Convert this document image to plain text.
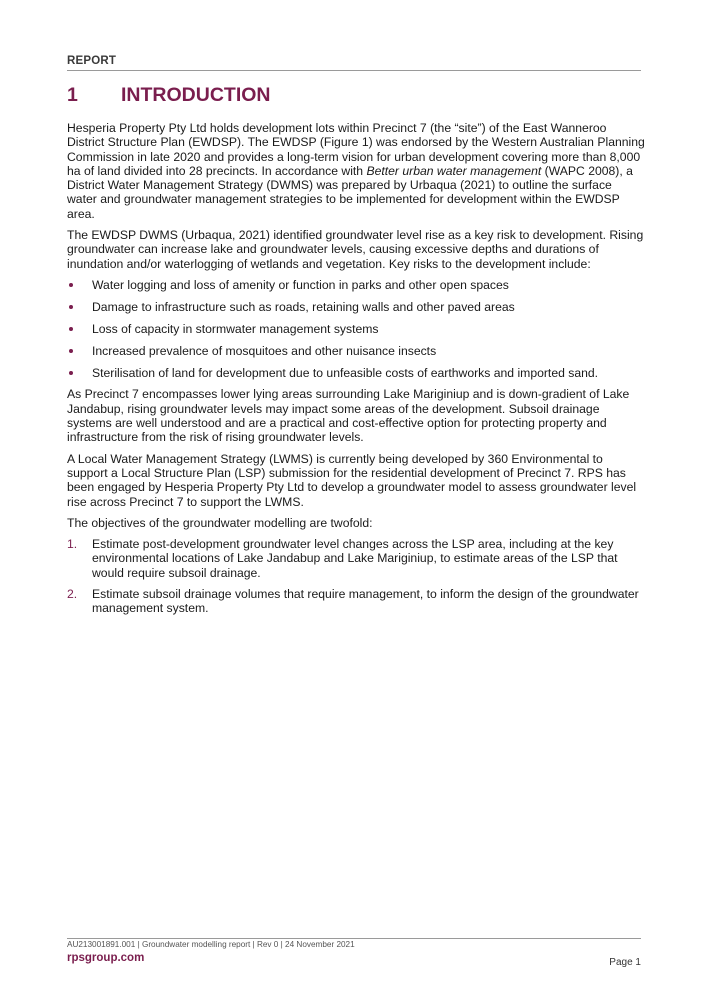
REPORT
1	INTRODUCTION

Hesperia Property Pty Ltd holds development lots within Precinct 7 (the “site”) of the East Wanneroo District Structure Plan (EWDSP). The EWDSP (Figure 1) was endorsed by the Western Australian Planning Commission in late 2020 and provides a long-term vision for urban development covering more than 8,000 ha of land divided into 28 precincts. In accordance with Better urban water management (WAPC 2008), a District Water Management Strategy (DWMS) was prepared by Urbaqua (2021) to outline the surface water and groundwater management strategies to be implemented for development within the EWDSP area.

The EWDSP DWMS (Urbaqua, 2021) identified groundwater level rise as a key risk to development. Rising groundwater can increase lake and groundwater levels, causing excessive depths and durations of inundation and/or waterlogging of wetlands and vegetation. Key risks to the development include:

Water logging and loss of amenity or function in parks and other open spaces
Damage to infrastructure such as roads, retaining walls and other paved areas
Loss of capacity in stormwater management systems
Increased prevalence of mosquitoes and other nuisance insects
Sterilisation of land for development due to unfeasible costs of earthworks and imported sand.

As Precinct 7 encompasses lower lying areas surrounding Lake Mariginiup and is down-gradient of Lake Jandabup, rising groundwater levels may impact some areas of the development. Subsoil drainage systems are well understood and are a practical and cost-effective option for protecting property and infrastructure from the risk of rising groundwater levels.

A Local Water Management Strategy (LWMS) is currently being developed by 360 Environmental to support a Local Structure Plan (LSP) submission for the residential development of Precinct 7. RPS has been engaged by Hesperia Property Pty Ltd to develop a groundwater model to assess groundwater level rise across Precinct 7 to support the LWMS.

The objectives of the groundwater modelling are twofold:

1. Estimate post-development groundwater level changes across the LSP area, including at the key environmental locations of Lake Jandabup and Lake Mariginiup, to estimate areas of the LSP that would require subsoil drainage.
2. Estimate subsoil drainage volumes that require management, to inform the design of the groundwater management system.
AU213001891.001 | Groundwater modelling report | Rev 0 | 24 November 2021
rpsgroup.com	Page 1
